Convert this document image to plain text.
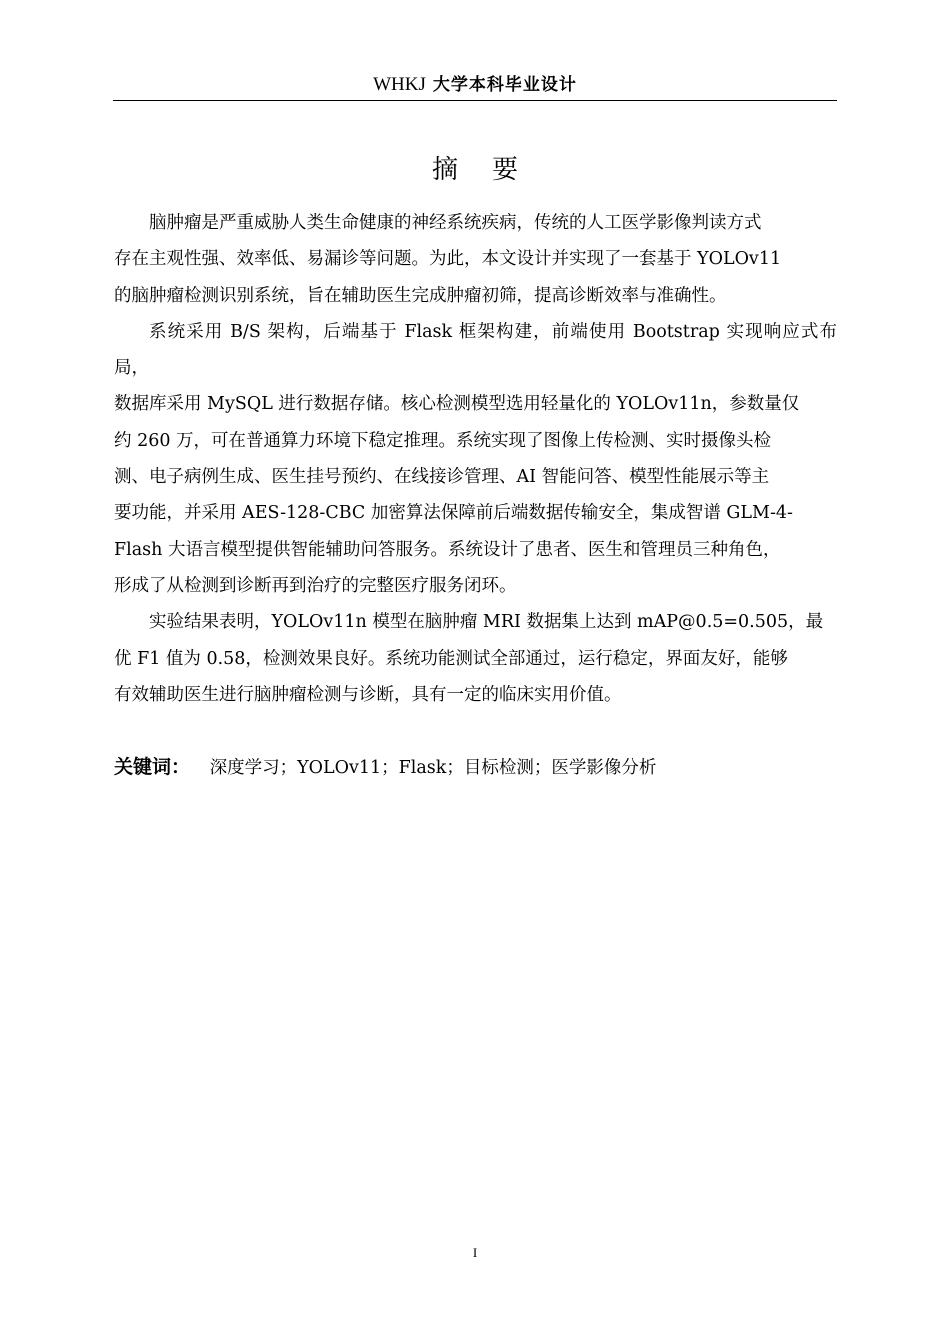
WHKJ 大学本科毕业设计
摘要

脑肿瘤是严重威胁人类生命健康的神经系统疾病，传统的人工医学影像判读方式
存在主观性强、效率低、易漏诊等问题。为此，本文设计并实现了一套基于 YOLOv11
的脑肿瘤检测识别系统，旨在辅助医生完成肿瘤初筛，提高诊断效率与准确性。

系统采用 B/S 架构，后端基于 Flask 框架构建，前端使用 Bootstrap 实现响应式布局，
数据库采用 MySQL 进行数据存储。核心检测模型选用轻量化的 YOLOv11n，参数量仅
约 260 万，可在普通算力环境下稳定推理。系统实现了图像上传检测、实时摄像头检
测、电子病例生成、医生挂号预约、在线接诊管理、AI 智能问答、模型性能展示等主
要功能，并采用 AES-128-CBC 加密算法保障前后端数据传输安全，集成智谱 GLM-4-
Flash 大语言模型提供智能辅助问答服务。系统设计了患者、医生和管理员三种角色，
形成了从检测到诊断再到治疗的完整医疗服务闭环。

实验结果表明，YOLOv11n 模型在脑肿瘤 MRI 数据集上达到 mAP@0.5=0.505，最
优 F1 值为 0.58，检测效果良好。系统功能测试全部通过，运行稳定，界面友好，能够
有效辅助医生进行脑肿瘤检测与诊断，具有一定的临床实用价值。

关键词： 深度学习；YOLOv11；Flask；目标检测；医学影像分析
I
